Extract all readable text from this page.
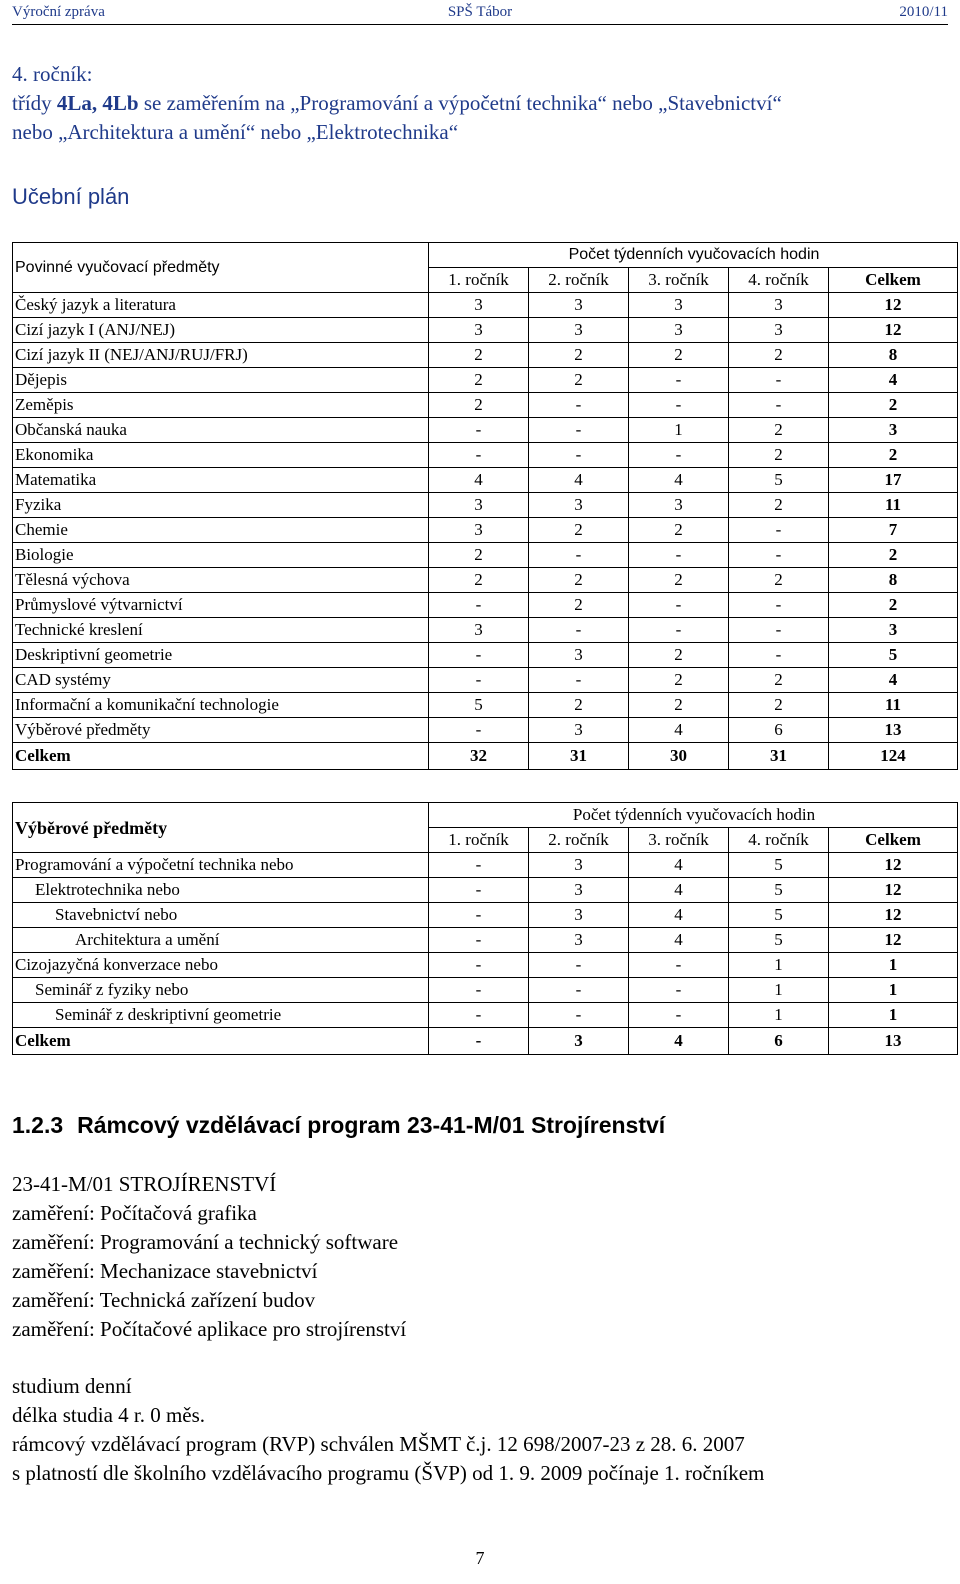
Výroční zpráva	SPŠ Tábor	2010/11
4. ročník:
třídy 4La, 4Lb se zaměřením na „Programování a výpočetní technika“ nebo „Stavebnictví“
nebo „Architektura a umění“ nebo „Elektrotechnika“
Učební plán
Povinné vyučovací předměty	Počet týdenních vyučovacích hodin				
	1. ročník	2. ročník	3. ročník	4. ročník	Celkem
Český jazyk a literatura	3	3	3	3	12
Cizí jazyk I (ANJ/NEJ)	3	3	3	3	12
Cizí jazyk II (NEJ/ANJ/RUJ/FRJ)	2	2	2	2	8
Dějepis	2	2	-	-	4
Zeměpis	2	-	-	-	2
Občanská nauka	-	-	1	2	3
Ekonomika	-	-	-	2	2
Matematika	4	4	4	5	17
Fyzika	3	3	3	2	11
Chemie	3	2	2	-	7
Biologie	2	-	-	-	2
Tělesná výchova	2	2	2	2	8
Průmyslové výtvarnictví	-	2	-	-	2
Technické kreslení	3	-	-	-	3
Deskriptivní geometrie	-	3	2	-	5
CAD systémy	-	-	2	2	4
Informační a komunikační technologie	5	2	2	2	11
Výběrové předměty	-	3	4	6	13
Celkem	32	31	30	31	124
Výběrové předměty	Počet týdenních vyučovacích hodin				
	1. ročník	2. ročník	3. ročník	4. ročník	Celkem
Programování a výpočetní technika nebo	-	3	4	5	12
Elektrotechnika nebo	-	3	4	5	12
Stavebnictví nebo	-	3	4	5	12
Architektura a umění	-	3	4	5	12
Cizojazyčná konverzace nebo	-	-	-	1	1
Seminář z fyziky nebo	-	-	-	1	1
Seminář z deskriptivní geometrie	-	-	-	1	1
Celkem	-	3	4	6	13
1.2.3 Rámcový vzdělávací program 23-41-M/01 Strojírenství
23-41-M/01 STROJÍRENSTVÍ
zaměření: Počítačová grafika
zaměření: Programování a technický software
zaměření: Mechanizace stavebnictví
zaměření: Technická zařízení budov
zaměření: Počítačové aplikace pro strojírenství
studium denní
délka studia 4 r. 0 měs.
rámcový vzdělávací program (RVP) schválen MŠMT č.j. 12 698/2007-23 z 28. 6. 2007
s platností dle školního vzdělávacího programu (ŠVP) od 1. 9. 2009 počínaje 1. ročníkem
7
